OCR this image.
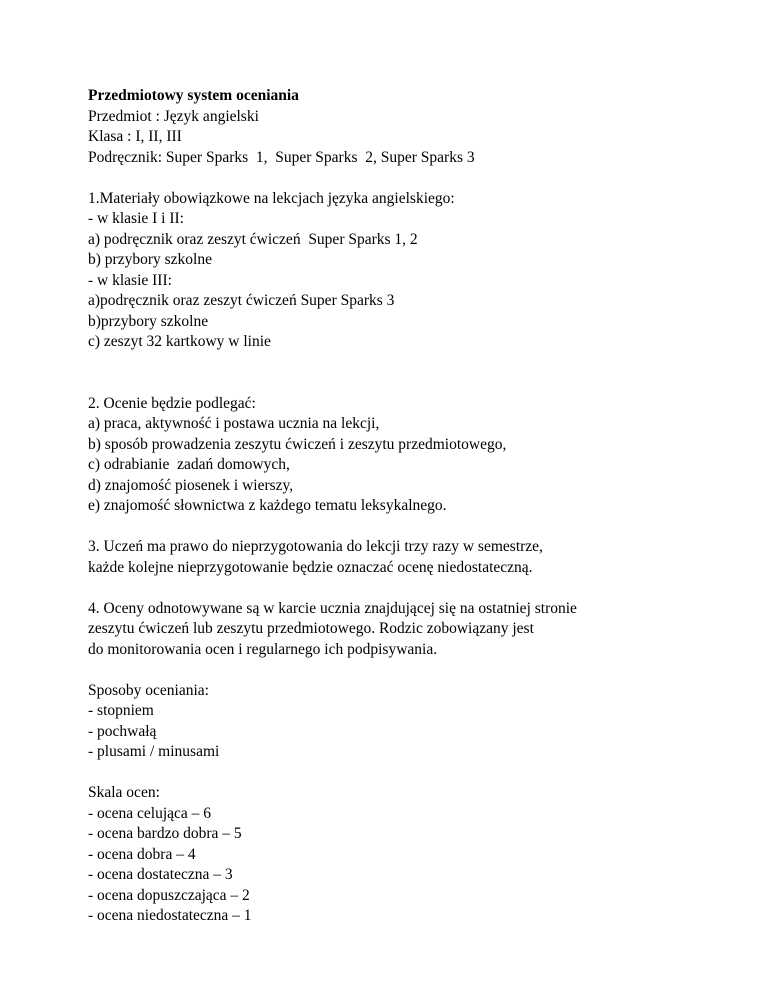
Przedmiotowy system oceniania

Przedmiot : Język angielski

Klasa : I, II, III

Podręcznik: Super Sparks  1,  Super Sparks  2, Super Sparks 3

1.Materiały obowiązkowe na lekcjach języka angielskiego:

- w klasie I i II:

a) podręcznik oraz zeszyt ćwiczeń  Super Sparks 1, 2

b) przybory szkolne

- w klasie III:

a)podręcznik oraz zeszyt ćwiczeń Super Sparks 3

b)przybory szkolne

c) zeszyt 32 kartkowy w linie

2. Ocenie będzie podlegać:

a) praca, aktywność i postawa ucznia na lekcji,

b) sposób prowadzenia zeszytu ćwiczeń i zeszytu przedmiotowego,

c) odrabianie  zadań domowych,

d) znajomość piosenek i wierszy,

e) znajomość słownictwa z każdego tematu leksykalnego.

3. Uczeń ma prawo do nieprzygotowania do lekcji trzy razy w semestrze,

każde kolejne nieprzygotowanie będzie oznaczać ocenę niedostateczną.

4. Oceny odnotowywane są w karcie ucznia znajdującej się na ostatniej stronie

zeszytu ćwiczeń lub zeszytu przedmiotowego. Rodzic zobowiązany jest

do monitorowania ocen i regularnego ich podpisywania.

Sposoby oceniania:

- stopniem

- pochwałą

- plusami / minusami

Skala ocen:

- ocena celująca – 6

- ocena bardzo dobra – 5

- ocena dobra – 4

- ocena dostateczna – 3

- ocena dopuszczająca – 2

- ocena niedostateczna – 1
